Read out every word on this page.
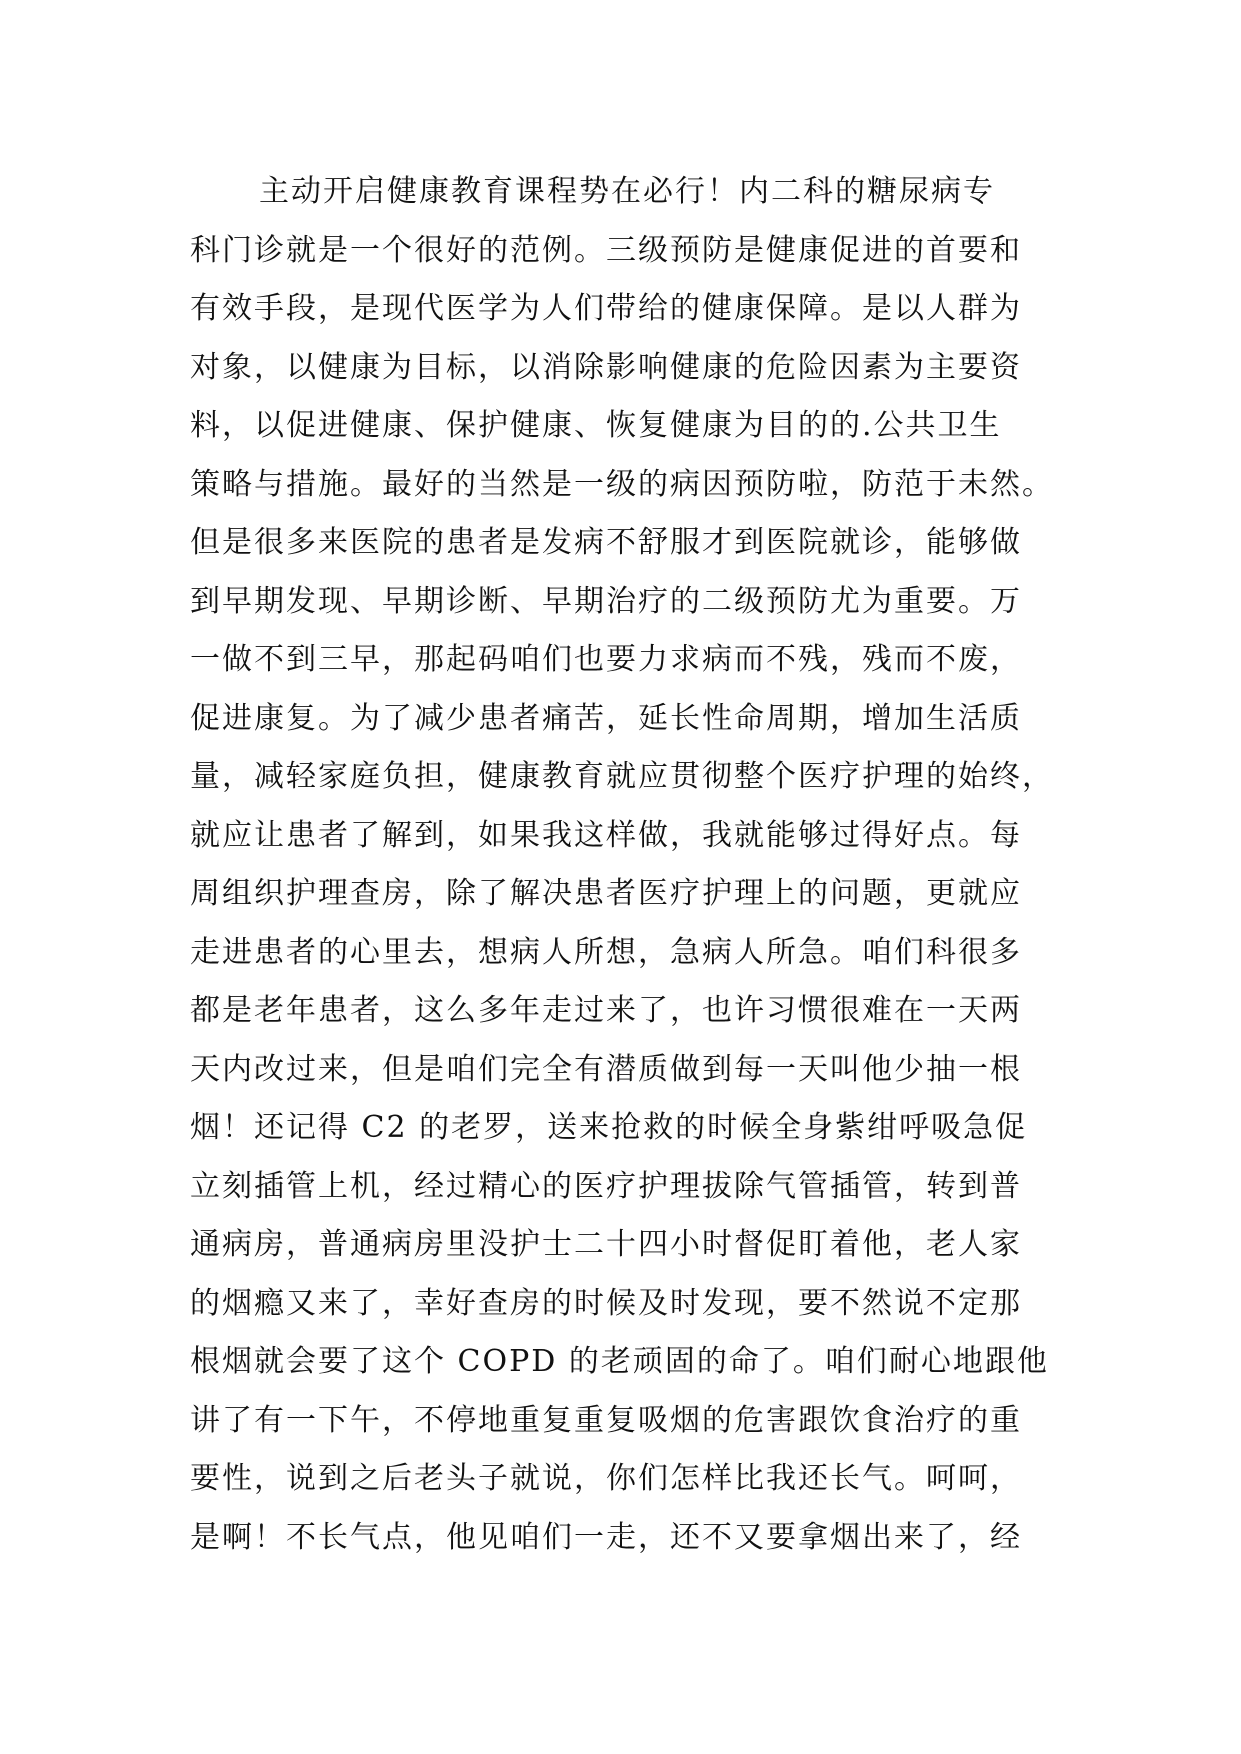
主动开启健康教育课程势在必行！内二科的糖尿病专
科门诊就是一个很好的范例。三级预防是健康促进的首要和
有效手段，是现代医学为人们带给的健康保障。是以人群为
对象，以健康为目标，以消除影响健康的危险因素为主要资
料，以促进健康、保护健康、恢复健康为目的的.公共卫生
策略与措施。最好的当然是一级的病因预防啦，防范于未然。
但是很多来医院的患者是发病不舒服才到医院就诊，能够做
到早期发现、早期诊断、早期治疗的二级预防尤为重要。万
一做不到三早，那起码咱们也要力求病而不残，残而不废，
促进康复。为了减少患者痛苦，延长性命周期，增加生活质
量，减轻家庭负担，健康教育就应贯彻整个医疗护理的始终，
就应让患者了解到，如果我这样做，我就能够过得好点。每
周组织护理查房，除了解决患者医疗护理上的问题，更就应
走进患者的心里去，想病人所想，急病人所急。咱们科很多
都是老年患者，这么多年走过来了，也许习惯很难在一天两
天内改过来，但是咱们完全有潜质做到每一天叫他少抽一根
烟！还记得 C2 的老罗，送来抢救的时候全身紫绀呼吸急促
立刻插管上机，经过精心的医疗护理拔除气管插管，转到普
通病房，普通病房里没护士二十四小时督促盯着他，老人家
的烟瘾又来了，幸好查房的时候及时发现，要不然说不定那
根烟就会要了这个 COPD 的老顽固的命了。咱们耐心地跟他
讲了有一下午，不停地重复重复吸烟的危害跟饮食治疗的重
要性，说到之后老头子就说，你们怎样比我还长气。呵呵，
是啊！不长气点，他见咱们一走，还不又要拿烟出来了，经
